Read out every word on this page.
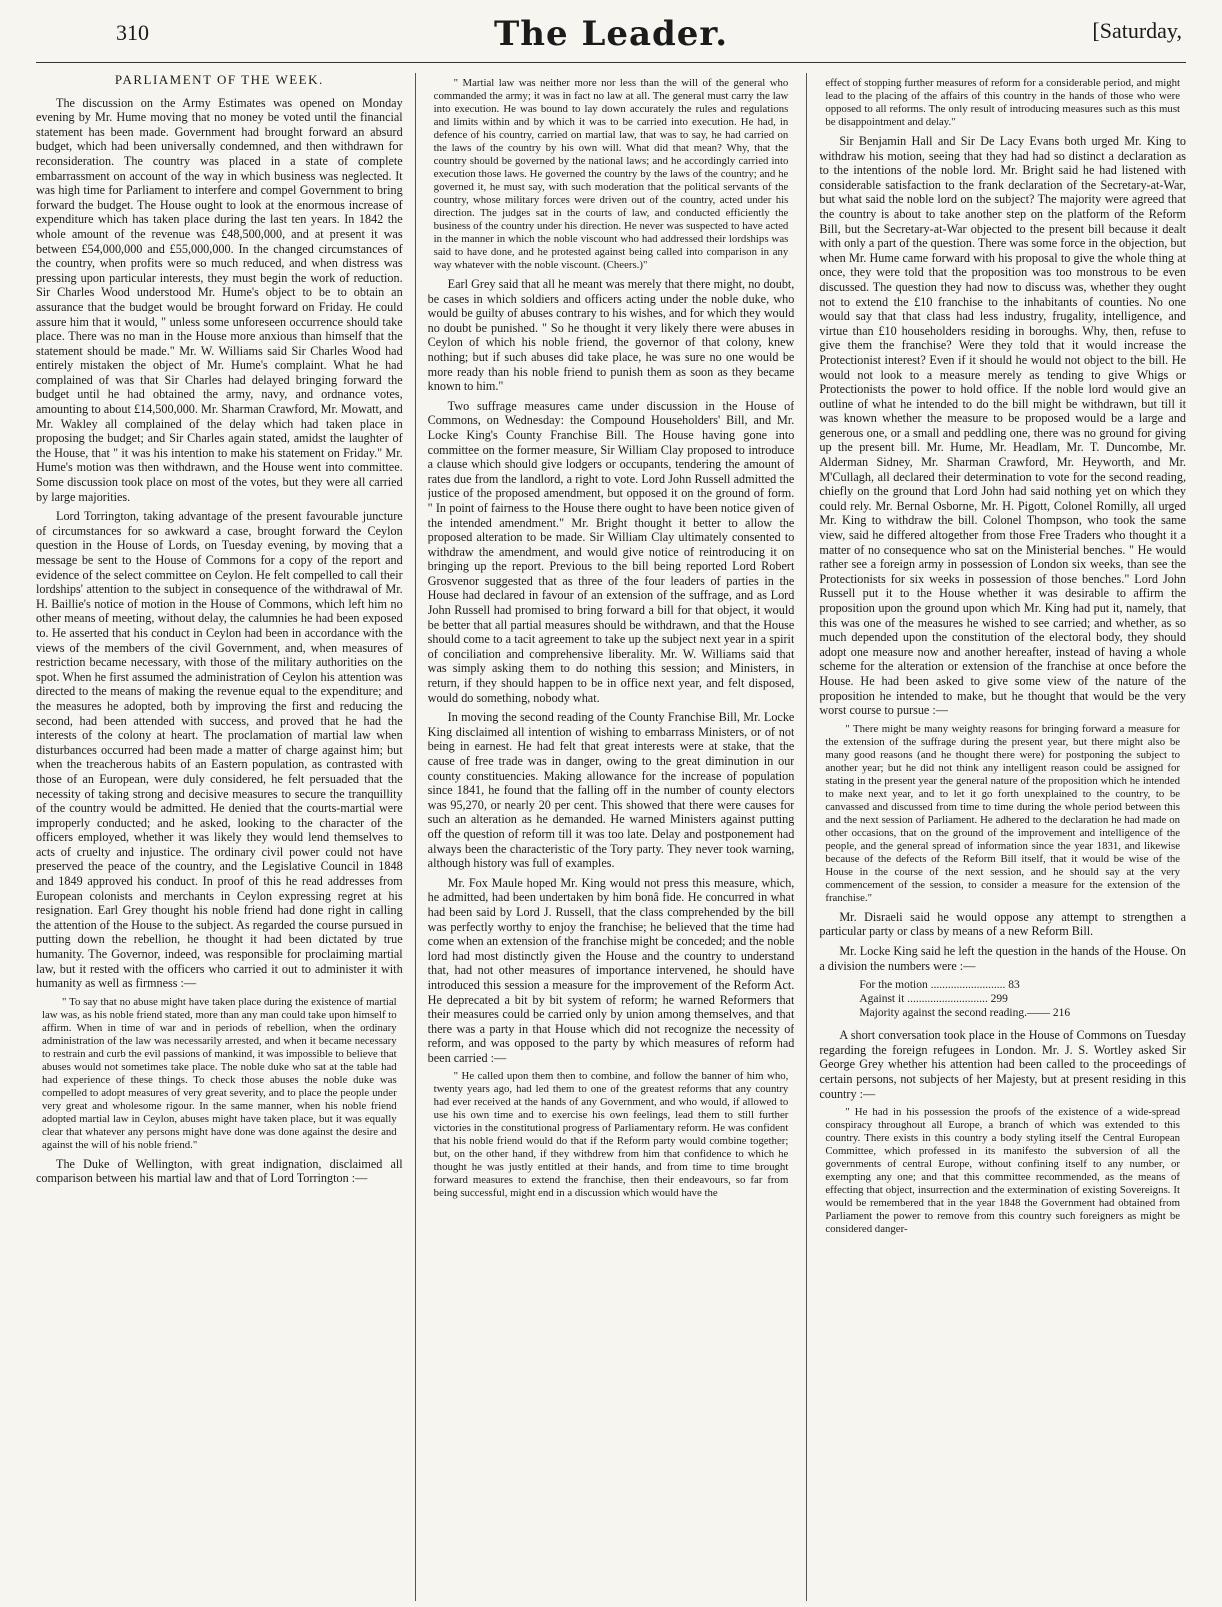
310	The Leader.	[Saturday,
PARLIAMENT OF THE WEEK.

The discussion on the Army Estimates was opened on Monday evening by Mr. Hume moving that no money be voted until the financial statement has been made. Government had brought forward an absurd budget, which had been universally condemned, and then withdrawn for reconsideration. The country was placed in a state of complete embarrassment on account of the way in which business was neglected. It was high time for Parliament to interfere and compel Government to bring forward the budget. The House ought to look at the enormous increase of expenditure which has taken place during the last ten years. In 1842 the whole amount of the revenue was £48,500,000, and at present it was between £54,000,000 and £55,000,000. In the changed circumstances of the country, when profits were so much reduced, and when distress was pressing upon particular interests, they must begin the work of reduction. Sir Charles Wood understood Mr. Hume's object to be to obtain an assurance that the budget would be brought forward on Friday. He could assure him that it would, " unless some unforeseen occurrence should take place. There was no man in the House more anxious than himself that the statement should be made." Mr. W. Williams said Sir Charles Wood had entirely mistaken the object of Mr. Hume's complaint. What he had complained of was that Sir Charles had delayed bringing forward the budget until he had obtained the army, navy, and ordnance votes, amounting to about £14,500,000. Mr. Sharman Crawford, Mr. Mowatt, and Mr. Wakley all complained of the delay which had taken place in proposing the budget; and Sir Charles again stated, amidst the laughter of the House, that " it was his intention to make his statement on Friday." Mr. Hume's motion was then withdrawn, and the House went into committee. Some discussion took place on most of the votes, but they were all carried by large majorities.

Lord Torrington, taking advantage of the present favourable juncture of circumstances for so awkward a case, brought forward the Ceylon question in the House of Lords, on Tuesday evening, by moving that a message be sent to the House of Commons for a copy of the report and evidence of the select committee on Ceylon. He felt compelled to call their lordships' attention to the subject in consequence of the withdrawal of Mr. H. Baillie's notice of motion in the House of Commons, which left him no other means of meeting, without delay, the calumnies he had been exposed to. He asserted that his conduct in Ceylon had been in accordance with the views of the members of the civil Government, and, when measures of restriction became necessary, with those of the military authorities on the spot. When he first assumed the administration of Ceylon his attention was directed to the means of making the revenue equal to the expenditure; and the measures he adopted, both by improving the first and reducing the second, had been attended with success, and proved that he had the interests of the colony at heart. The proclamation of martial law when disturbances occurred had been made a matter of charge against him; but when the treacherous habits of an Eastern population, as contrasted with those of an European, were duly considered, he felt persuaded that the necessity of taking strong and decisive measures to secure the tranquillity of the country would be admitted. He denied that the courts-martial were improperly conducted; and he asked, looking to the character of the officers employed, whether it was likely they would lend themselves to acts of cruelty and injustice. The ordinary civil power could not have preserved the peace of the country, and the Legislative Council in 1848 and 1849 approved his conduct. In proof of this he read addresses from European colonists and merchants in Ceylon expressing regret at his resignation. Earl Grey thought his noble friend had done right in calling the attention of the House to the subject. As regarded the course pursued in putting down the rebellion, he thought it had been dictated by true humanity. The Governor, indeed, was responsible for proclaiming martial law, but it rested with the officers who carried it out to administer it with humanity as well as firmness :—

" To say that no abuse might have taken place during the existence of martial law was, as his noble friend stated, more than any man could take upon himself to affirm. When in time of war and in periods of rebellion, when the ordinary administration of the law was necessarily arrested, and when it became necessary to restrain and curb the evil passions of mankind, it was impossible to believe that abuses would not sometimes take place. The noble duke who sat at the table had had experience of these things. To check those abuses the noble duke was compelled to adopt measures of very great severity, and to place the people under very great and wholesome rigour. In the same manner, when his noble friend adopted martial law in Ceylon, abuses might have taken place, but it was equally clear that whatever any persons might have done was done against the desire and against the will of his noble friend."

The Duke of Wellington, with great indignation, disclaimed all comparison between his martial law and that of Lord Torrington :—

" Martial law was neither more nor less than the will of the general who commanded the army; it was in fact no law at all. The general must carry the law into execution. He was bound to lay down accurately the rules and regulations and limits within and by which it was to be carried into execution. He had, in defence of his country, carried on martial law, that was to say, he had carried on the laws of the country by his own will. What did that mean? Why, that the country should be governed by the national laws; and he accordingly carried into execution those laws. He governed the country by the laws of the country; and he governed it, he must say, with such moderation that the political servants of the country, whose military forces were driven out of the country, acted under his direction. The judges sat in the courts of law, and conducted efficiently the business of the country under his direction. He never was suspected to have acted in the manner in which the noble viscount who had addressed their lordships was said to have done, and he protested against being called into comparison in any way whatever with the noble viscount. (Cheers.)"

Earl Grey said that all he meant was merely that there might, no doubt, be cases in which soldiers and officers acting under the noble duke, who would be guilty of abuses contrary to his wishes, and for which they would no doubt be punished. " So he thought it very likely there were abuses in Ceylon of which his noble friend, the governor of that colony, knew nothing; but if such abuses did take place, he was sure no one would be more ready than his noble friend to punish them as soon as they became known to him."

Two suffrage measures came under discussion in the House of Commons, on Wednesday: the Compound Householders' Bill, and Mr. Locke King's County Franchise Bill. The House having gone into committee on the former measure, Sir William Clay proposed to introduce a clause which should give lodgers or occupants, tendering the amount of rates due from the landlord, a right to vote. Lord John Russell admitted the justice of the proposed amendment, but opposed it on the ground of form. " In point of fairness to the House there ought to have been notice given of the intended amendment." Mr. Bright thought it better to allow the proposed alteration to be made. Sir William Clay ultimately consented to withdraw the amendment, and would give notice of reintroducing it on bringing up the report. Previous to the bill being reported Lord Robert Grosvenor suggested that as three of the four leaders of parties in the House had declared in favour of an extension of the suffrage, and as Lord John Russell had promised to bring forward a bill for that object, it would be better that all partial measures should be withdrawn, and that the House should come to a tacit agreement to take up the subject next year in a spirit of conciliation and comprehensive liberality. Mr. W. Williams said that was simply asking them to do nothing this session; and Ministers, in return, if they should happen to be in office next year, and felt disposed, would do something, nobody what.

In moving the second reading of the County Franchise Bill, Mr. Locke King disclaimed all intention of wishing to embarrass Ministers, or of not being in earnest. He had felt that great interests were at stake, that the cause of free trade was in danger, owing to the great diminution in our county constituencies. Making allowance for the increase of population since 1841, he found that the falling off in the number of county electors was 95,270, or nearly 20 per cent. This showed that there were causes for such an alteration as he demanded. He warned Ministers against putting off the question of reform till it was too late. Delay and postponement had always been the characteristic of the Tory party. They never took warning, although history was full of examples.

Mr. Fox Maule hoped Mr. King would not press this measure, which, he admitted, had been undertaken by him bonâ fide. He concurred in what had been said by Lord J. Russell, that the class comprehended by the bill was perfectly worthy to enjoy the franchise; he believed that the time had come when an extension of the franchise might be conceded; and the noble lord had most distinctly given the House and the country to understand that, had not other measures of importance intervened, he should have introduced this session a measure for the improvement of the Reform Act. He deprecated a bit by bit system of reform; he warned Reformers that their measures could be carried only by union among themselves, and that there was a party in that House which did not recognize the necessity of reform, and was opposed to the party by which measures of reform had been carried :—

" He called upon them then to combine, and follow the banner of him who, twenty years ago, had led them to one of the greatest reforms that any country had ever received at the hands of any Government, and who would, if allowed to use his own time and to exercise his own feelings, lead them to still further victories in the constitutional progress of Parliamentary reform. He was confident that his noble friend would do that if the Reform party would combine together; but, on the other hand, if they withdrew from him that confidence to which he thought he was justly entitled at their hands, and from time to time brought forward measures to extend the franchise, then their endeavours, so far from being successful, might end in a discussion which would have the

effect of stopping further measures of reform for a considerable period, and might lead to the placing of the affairs of this country in the hands of those who were opposed to all reforms. The only result of introducing measures such as this must be disappointment and delay."

Sir Benjamin Hall and Sir De Lacy Evans both urged Mr. King to withdraw his motion, seeing that they had had so distinct a declaration as to the intentions of the noble lord. Mr. Bright said he had listened with considerable satisfaction to the frank declaration of the Secretary-at-War, but what said the noble lord on the subject? The majority were agreed that the country is about to take another step on the platform of the Reform Bill, but the Secretary-at-War objected to the present bill because it dealt with only a part of the question. There was some force in the objection, but when Mr. Hume came forward with his proposal to give the whole thing at once, they were told that the proposition was too monstrous to be even discussed. The question they had now to discuss was, whether they ought not to extend the £10 franchise to the inhabitants of counties. No one would say that that class had less industry, frugality, intelligence, and virtue than £10 householders residing in boroughs. Why, then, refuse to give them the franchise? Were they told that it would increase the Protectionist interest? Even if it should he would not object to the bill. He would not look to a measure merely as tending to give Whigs or Protectionists the power to hold office. If the noble lord would give an outline of what he intended to do the bill might be withdrawn, but till it was known whether the measure to be proposed would be a large and generous one, or a small and peddling one, there was no ground for giving up the present bill. Mr. Hume, Mr. Headlam, Mr. T. Duncombe, Mr. Alderman Sidney, Mr. Sharman Crawford, Mr. Heyworth, and Mr. M'Cullagh, all declared their determination to vote for the second reading, chiefly on the ground that Lord John had said nothing yet on which they could rely. Mr. Bernal Osborne, Mr. H. Pigott, Colonel Romilly, all urged Mr. King to withdraw the bill. Colonel Thompson, who took the same view, said he differed altogether from those Free Traders who thought it a matter of no consequence who sat on the Ministerial benches. " He would rather see a foreign army in possession of London six weeks, than see the Protectionists for six weeks in possession of those benches." Lord John Russell put it to the House whether it was desirable to affirm the proposition upon the ground upon which Mr. King had put it, namely, that this was one of the measures he wished to see carried; and whether, as so much depended upon the constitution of the electoral body, they should adopt one measure now and another hereafter, instead of having a whole scheme for the alteration or extension of the franchise at once before the House. He had been asked to give some view of the nature of the proposition he intended to make, but he thought that would be the very worst course to pursue :—

" There might be many weighty reasons for bringing forward a measure for the extension of the suffrage during the present year, but there might also be many good reasons (and he thought there were) for postponing the subject to another year; but he did not think any intelligent reason could be assigned for stating in the present year the general nature of the proposition which he intended to make next year, and to let it go forth unexplained to the country, to be canvassed and discussed from time to time during the whole period between this and the next session of Parliament. He adhered to the declaration he had made on other occasions, that on the ground of the improvement and intelligence of the people, and the general spread of information since the year 1831, and likewise because of the defects of the Reform Bill itself, that it would be wise of the House in the course of the next session, and he should say at the very commencement of the session, to consider a measure for the extension of the franchise."

Mr. Disraeli said he would oppose any attempt to strengthen a particular party or class by means of a new Reform Bill.

Mr. Locke King said he left the question in the hands of the House. On a division the numbers were :—

For the motion .......................... 83
Against it ............................ 299
Majority against the second reading.—— 216

A short conversation took place in the House of Commons on Tuesday regarding the foreign refugees in London. Mr. J. S. Wortley asked Sir George Grey whether his attention had been called to the proceedings of certain persons, not subjects of her Majesty, but at present residing in this country :—

" He had in his possession the proofs of the existence of a wide-spread conspiracy throughout all Europe, a branch of which was extended to this country. There exists in this country a body styling itself the Central European Committee, which professed in its manifesto the subversion of all the governments of central Europe, without confining itself to any number, or exempting any one; and that this committee recommended, as the means of effecting that object, insurrection and the extermination of existing Sovereigns. It would be remembered that in the year 1848 the Government had obtained from Parliament the power to remove from this country such foreigners as might be considered danger-
